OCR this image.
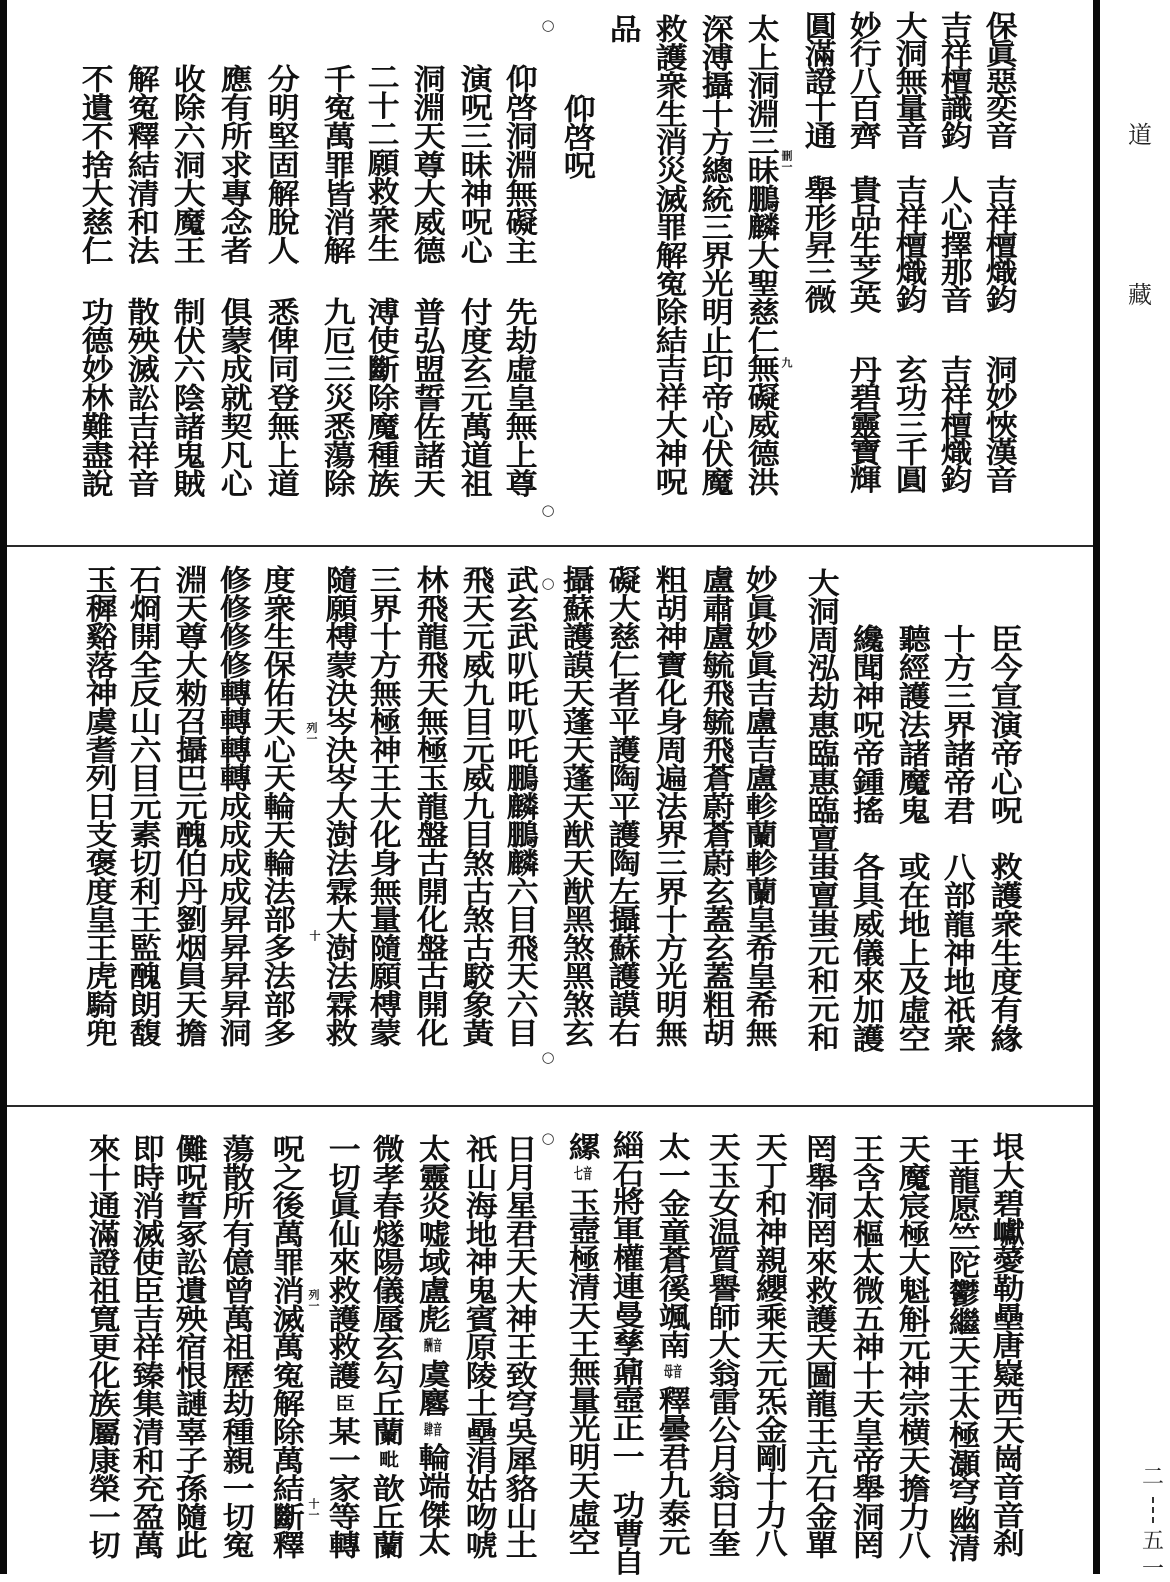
道
藏
二
五
一
○
○
○
○
○
刪一
九
列一
十
列一
十一
保眞惡奕音
吉祥檀熾鈞
洞妙悏漢音
吉祥檀識鈞
人心擇那音
吉祥檀熾鈞
大洞無量音
吉祥檀熾鈞
玄功三千圓
妙行八百齊
貴品生芝英
丹碧靈寶輝
圓滿證十通
舉形昇三微
太上洞淵三昧鵬麟大聖慈仁無礙威德洪
深溥攝十方總統三界光明止印帝心伏魔
救護衆生消災滅罪解寃除結吉祥大神呪
品
仰啓呪
仰啓洞淵無礙主
先劫虛皇無上尊
演呪三昧神呪心
付度玄元萬道祖
洞淵天尊大威德
普弘盟誓佐諸天
二十二願救衆生
溥使斷除魔種族
千寃萬罪皆消解
九厄三災悉蕩除
分明堅固解脫人
悉俾同登無上道
應有所求專念者
俱蒙成就契凡心
收除六洞大魔王
制伏六陰諸鬼賊
解寃釋結清和法
散殃滅訟吉祥音
不遺不捨大慈仁
功德妙林難盡說
臣今宣演帝心呪
救護衆生度有緣
十方三界諸帝君
八部龍神地祇衆
聽經護法諸魔鬼
或在地上及虛空
纔聞神呪帝鍾搖
各具威儀來加護
大洞周泓劫惠臨惠臨亶蚩亶蚩元和元和
妙眞妙眞吉盧吉盧軫蘭軫蘭皇希皇希無
盧肅盧毓飛毓飛蒼蔚蒼蔚玄蓋玄蓋粗胡
粗胡神寶化身周遍法界三界十方光明無
礙大慈仁者平護陶平護陶左攝蘇護謨右
攝蘇護謨天蓬天蓬天猷天猷黑煞黑煞玄
武玄武叭吒叭吒鵬麟鵬麟六目飛天六目
飛天元威九目元威九目煞古煞古駮象黃
林飛龍飛天無極玉龍盤古開化盤古開化
三界十方無極神王大化身無量隨願榑蒙
隨願榑蒙決岑決岑大澍法霖大澍法霖救
度衆生保佑天心天輪天輪法部多法部多
修修修修轉轉轉轉成成成成昇昇昇昇洞
淵天尊大勑召攝巴元醜伯丹劉烟員天擔
石烱開全反山六目元素切利王監醜朗馥
玉穉谿落神虞耆列日支褒度皇王虎騎兜
垠大碧巘薆勒壘唐嶷西天崗音音刹
王龍愿竺陀鬱繼天王太極灝穹幽清
天魔宸極大魁斛元神宗横天擔力八
王含太樞太微五神十天皇帝舉洞罔
罔舉洞罔來救護天圖龍王亢石金單
天丁和神親纓乘天元炁金剛十力八
天玉女温質譽師大翁雷公月翁日奎
太一金童蒼徯颯南母音釋曇君九泰元
緇石將軍權連曼孳鼐壼正一功曹自
縲七音玉壼極清天王無量光明天虛空
日月星君天大神王致穹吳犀貉山土
祇山海地神鬼賓原陵土壘涓姑吻唬
太靈炎嘘域盧彪酬音虞麔肆音輪端傑太
微孝春燧陽儀蜃玄勾丘蘭毗歆丘蘭
一切眞仙來救護救護臣某一家等轉
呪之後萬罪消滅萬寃解除萬結斷釋
蕩散所有億曾萬祖歷劫種親一切寃
儺呪誓冢訟遺殃宿恨謰辜子孫隨此
即時消滅使臣吉祥臻集清和充盈萬
來十通滿證祖寬更化族屬康榮一切
